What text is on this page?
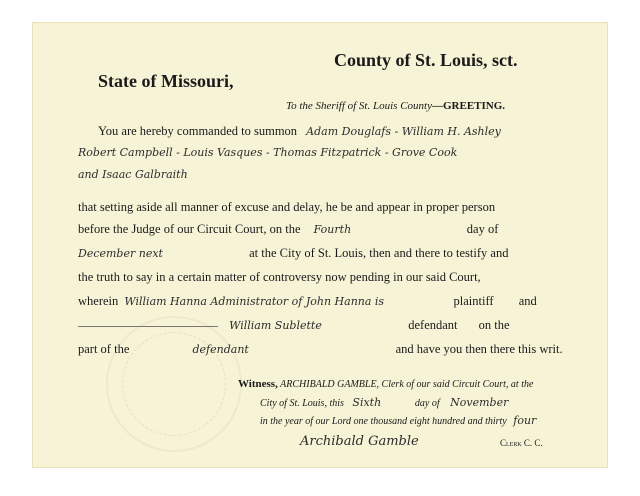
County of St. Louis, sct.
State of Missouri,
To the Sheriff of St. Louis County—GREETING.
You are hereby commanded to summon Adam Douglafs - William H. Ashley
Robert Campbell - Louis Vasques - Thomas Fitzpatrick - Grove Cook
and Isaac Galbraith
that setting aside all manner of excuse and delay, he be and appear in proper person
before the Judge of our Circuit Court, on the Fourth	day of
December next	at the City of St. Louis, then and there to testify and
the truth to say in a certain matter of controversy now pending in our said Court,
wherein William Hanna Administrator of John Hanna is	plaintiff and
William Sublette	defendant on the
part of the	defendant	and have you then there this writ.
Witness, ARCHIBALD GAMBLE, Clerk of our said Circuit Court, at the
City of St. Louis, this Sixth	day of November
in the year of our Lord one thousand eight hundred and thirty four
Archibald Gamble	Clerk C. C.
